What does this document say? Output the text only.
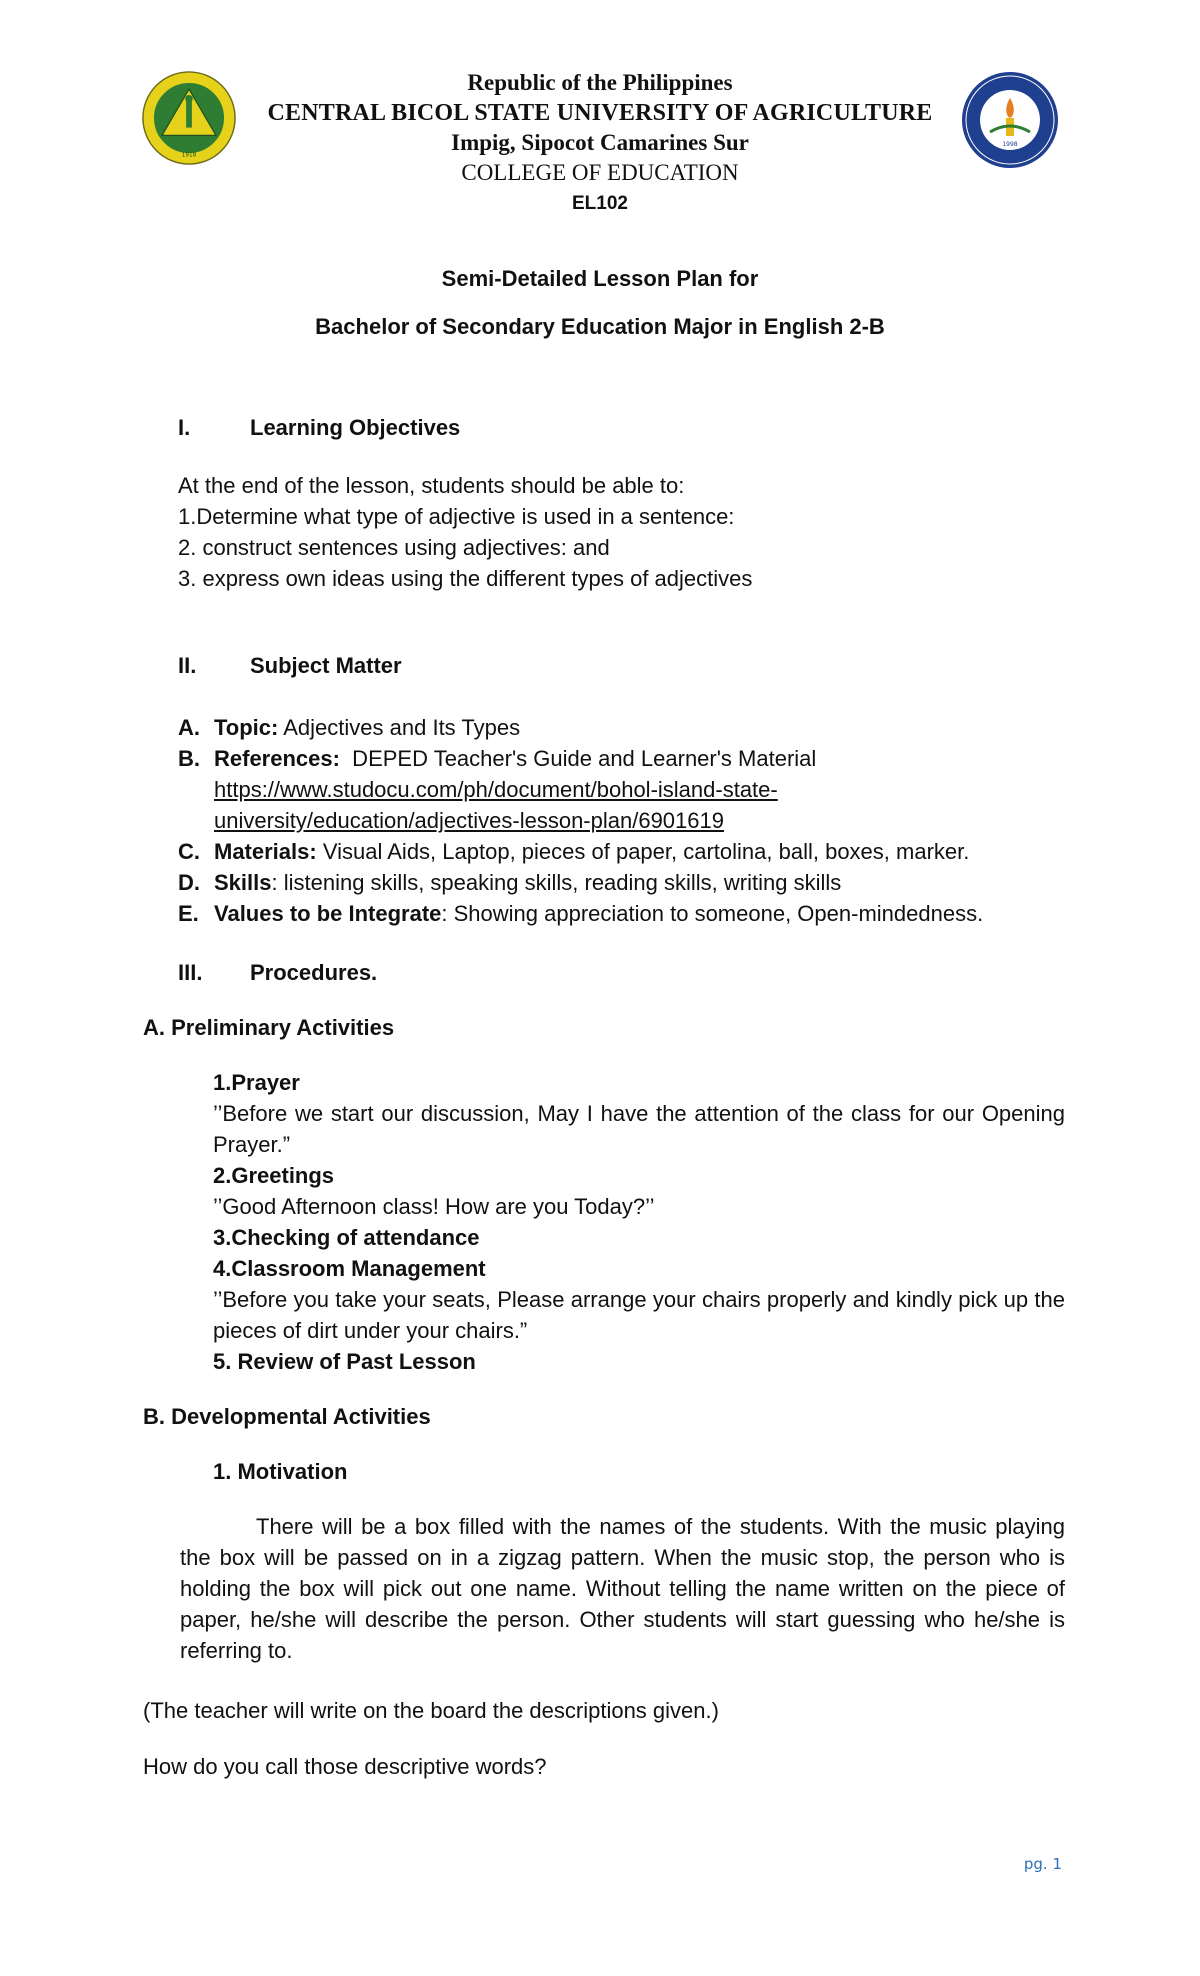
1918
1998
Republic of the Philippines
CENTRAL BICOL STATE UNIVERSITY OF AGRICULTURE
Impig, Sipocot Camarines Sur
COLLEGE OF EDUCATION
EL102
Semi-Detailed Lesson Plan for
Bachelor of Secondary Education Major in English 2-B
I.	Learning Objectives
At the end of the lesson, students should be able to:
1.Determine what type of adjective is used in a sentence:
2. construct sentences using adjectives: and
3. express own ideas using the different types of adjectives
II. Subject Matter
A. Topic: Adjectives and Its Types
B. References:  DEPED Teacher's Guide and Learner's Material
https://www.studocu.com/ph/document/bohol-island-state-
university/education/adjectives-lesson-plan/6901619
C. Materials: Visual Aids, Laptop, pieces of paper, cartolina, ball, boxes, marker.
D. Skills: listening skills, speaking skills, reading skills, writing skills
E. Values to be Integrate: Showing appreciation to someone, Open-mindedness.
III. Procedures.
A. Preliminary Activities
1.Prayer
’’Before we start our discussion, May I have the attention of the class for our Opening Prayer.”
2.Greetings
’’Good Afternoon class! How are you Today?’’
3.Checking of attendance
4.Classroom Management
’’Before you take your seats, Please arrange your chairs properly and kindly pick up the pieces of dirt under your chairs.”
5. Review of Past Lesson
B. Developmental Activities
1. Motivation
There will be a box filled with the names of the students. With the music playing the box will be passed on in a zigzag pattern. When the music stop, the person who is holding the box will pick out one name. Without telling the name written on the piece of paper, he/she will describe the person. Other students will start guessing who he/she is referring to.
(The teacher will write on the board the descriptions given.)
How do you call those descriptive words?
pg. 1
